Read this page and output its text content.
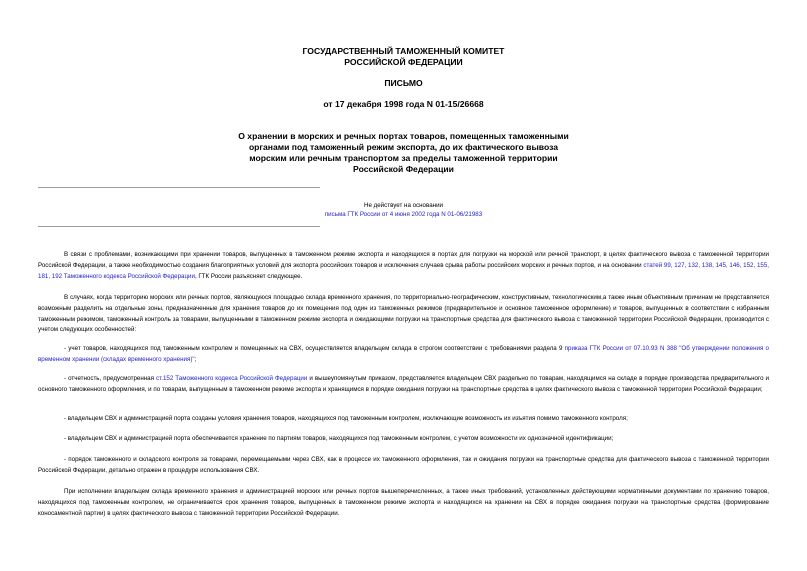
ГОСУДАРСТВЕННЫЙ ТАМОЖЕННЫЙ КОМИТЕТ
РОССИЙСКОЙ ФЕДЕРАЦИИ
ПИСЬМО
от 17 декабря 1998 года N 01-15/26668
О хранении в морских и речных портах товаров, помещенных таможенными
органами под таможенный режим экспорта, до их фактического вывоза
морским или речным транспортом за пределы таможенной территории
Российской Федерации
Не действует на основании
письма ГТК России от 4 июня 2002 года N 01-06/21983
В связи с проблемами, возникающими при хранении товаров, выпущенных в таможенном режиме экспорта и находящихся в портах для погрузки на морской или речной транспорт, в целях фактического вывоза с таможенной территории Российской Федерации, а также необходимостью создания благоприятных условий для экспорта российских товаров и исключения случаев срыва работы российских морских и речных портов, и на основании статей 99, 127, 132, 138, 145, 146, 152, 155, 181, 192 Таможенного кодекса Российской Федерации, ГТК России разъясняет следующее.
В случаях, когда территорию морских или речных портов, являющуюся площадью склада временного хранения, по территориально-географическим, конструктивным, технологическим,а также иным объективным причинам не представляется возможным разделить на отдельные зоны, предназначенные для хранения товаров до их помещения под один из таможенных режимов (предварительное и основное таможенное оформление) и товаров, выпущенных в соответствии с избранным таможенным режимом, таможенный контроль за товарами, выпущенными в таможенном режиме экспорта и ожидающими погрузки на транспортные средства для фактического вывоза с таможенной территории Российской Федерации, производится с учетом следующих особенностей:
- учет товаров, находящихся под таможенным контролем и помещенных на СВХ, осуществляется владельцем склада в строгом соответствии с требованиями раздела 9 приказа ГТК России от 07.10.93 N 388 "Об утверждении положения о временном хранении (складах временного хранения)";
- отчетность, предусмотренная ст.152 Таможенного кодекса Российской Федерации и вышеупомянутым приказом, представляется владельцем СВХ раздельно по товарам, находящимся на складе в порядке производства предварительного и основного таможенного оформления, и по товарам, выпущенным в таможенном режиме экспорта и хранящимся в порядке ожидания погрузки на транспортные средства в целях фактического вывоза с таможенной территории Российской Федерации;
- владельцем СВХ и администрацией порта созданы условия хранения товаров, находящихся под таможенным контролем, исключающие возможность их изъятия помимо таможенного контроля;
- владельцем СВХ и администрацией порта обеспечивается хранение по партиям товаров, находящихся под таможенным контролем, с учетом возможности их однозначной идентификации;
- порядок таможенного и складского контроля за товарами, перемещаемыми через СВХ, как в процессе их таможенного оформления, так и ожидания погрузки на транспортные средства для фактического вывоза с таможенной территории Российской Федерации, детально отражен в процедуре использования СВХ.
При исполнении владельцем склада временного хранения и администрацией морских или речных портов вышеперечисленных, а также иных требований, установленных действующими нормативными документами по хранению товаров, находящихся под таможенным контролем, не ограничивается срок хранения товаров, выпущенных в таможенном режиме экспорта и находящихся на хранении на СВХ в порядке ожидания погрузки на транспортные средства (формирование коносаментной партии) в целях фактического вывоза с таможенной территории Российской Федерации.
